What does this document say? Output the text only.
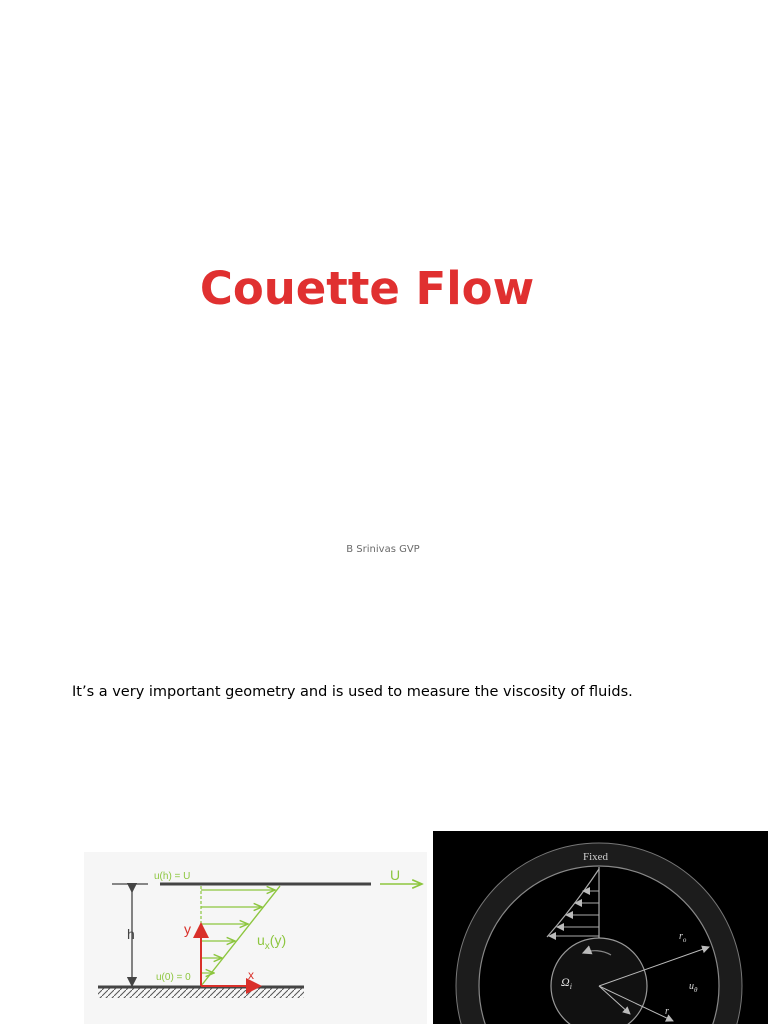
Couette Flow
B Srinivas GVP
It’s a very important geometry and is used to measure the viscosity of fluids.
h
u(h) = U
u(0) = 0
U
y
x
$u_x(y)$
Fixed
$\Omega_i$
$r_o$
$u_\theta$
r
